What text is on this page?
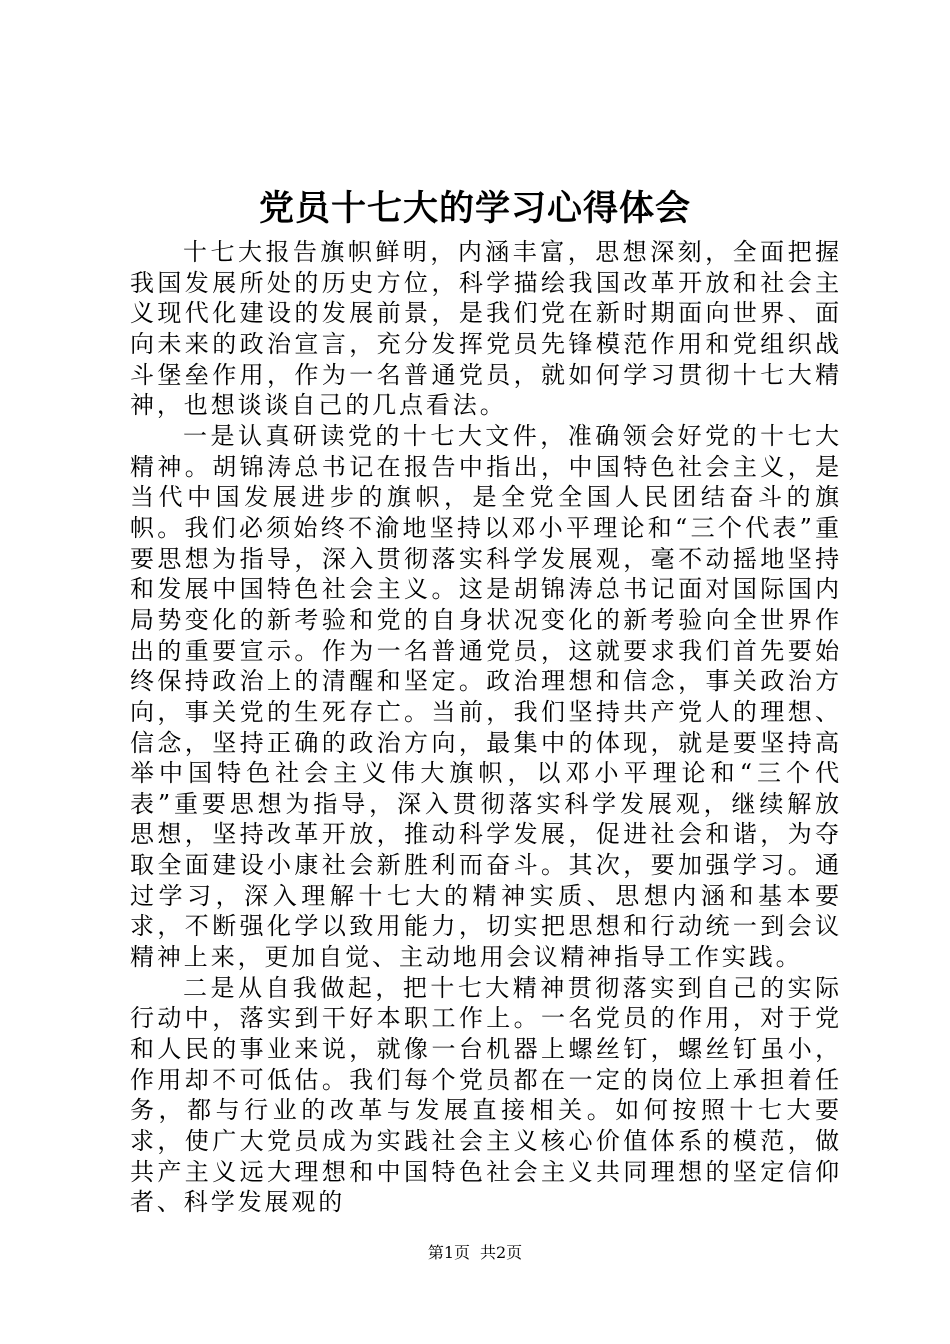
党员十七大的学习心得体会

十七大报告旗帜鲜明，内涵丰富，思想深刻，全面把握我国发展所处的历史方位，科学描绘我国改革开放和社会主义现代化建设的发展前景，是我们党在新时期面向世界、面向未来的政治宣言，充分发挥党员先锋模范作用和党组织战斗堡垒作用，作为一名普通党员，就如何学习贯彻十七大精神，也想谈谈自己的几点看法。

一是认真研读党的十七大文件，准确领会好党的十七大精神。胡锦涛总书记在报告中指出，中国特色社会主义，是当代中国发展进步的旗帜，是全党全国人民团结奋斗的旗帜。我们必须始终不渝地坚持以邓小平理论和“三个代表”重要思想为指导，深入贯彻落实科学发展观，毫不动摇地坚持和发展中国特色社会主义。这是胡锦涛总书记面对国际国内局势变化的新考验和党的自身状况变化的新考验向全世界作出的重要宣示。作为一名普通党员，这就要求我们首先要始终保持政治上的清醒和坚定。政治理想和信念，事关政治方向，事关党的生死存亡。当前，我们坚持共产党人的理想、信念，坚持正确的政治方向，最集中的体现，就是要坚持高举中国特色社会主义伟大旗帜，以邓小平理论和“三个代表”重要思想为指导，深入贯彻落实科学发展观，继续解放思想，坚持改革开放，推动科学发展，促进社会和谐，为夺取全面建设小康社会新胜利而奋斗。其次，要加强学习。通过学习，深入理解十七大的精神实质、思想内涵和基本要求，不断强化学以致用能力，切实把思想和行动统一到会议精神上来，更加自觉、主动地用会议精神指导工作实践。

二是从自我做起，把十七大精神贯彻落实到自己的实际行动中，落实到干好本职工作上。一名党员的作用，对于党和人民的事业来说，就像一台机器上螺丝钉，螺丝钉虽小，作用却不可低估。我们每个党员都在一定的岗位上承担着任务，都与行业的改革与发展直接相关。如何按照十七大要求，使广大党员成为实践社会主义核心价值体系的模范，做共产主义远大理想和中国特色社会主义共同理想的坚定信仰者、科学发展观的

第1页 共2页
